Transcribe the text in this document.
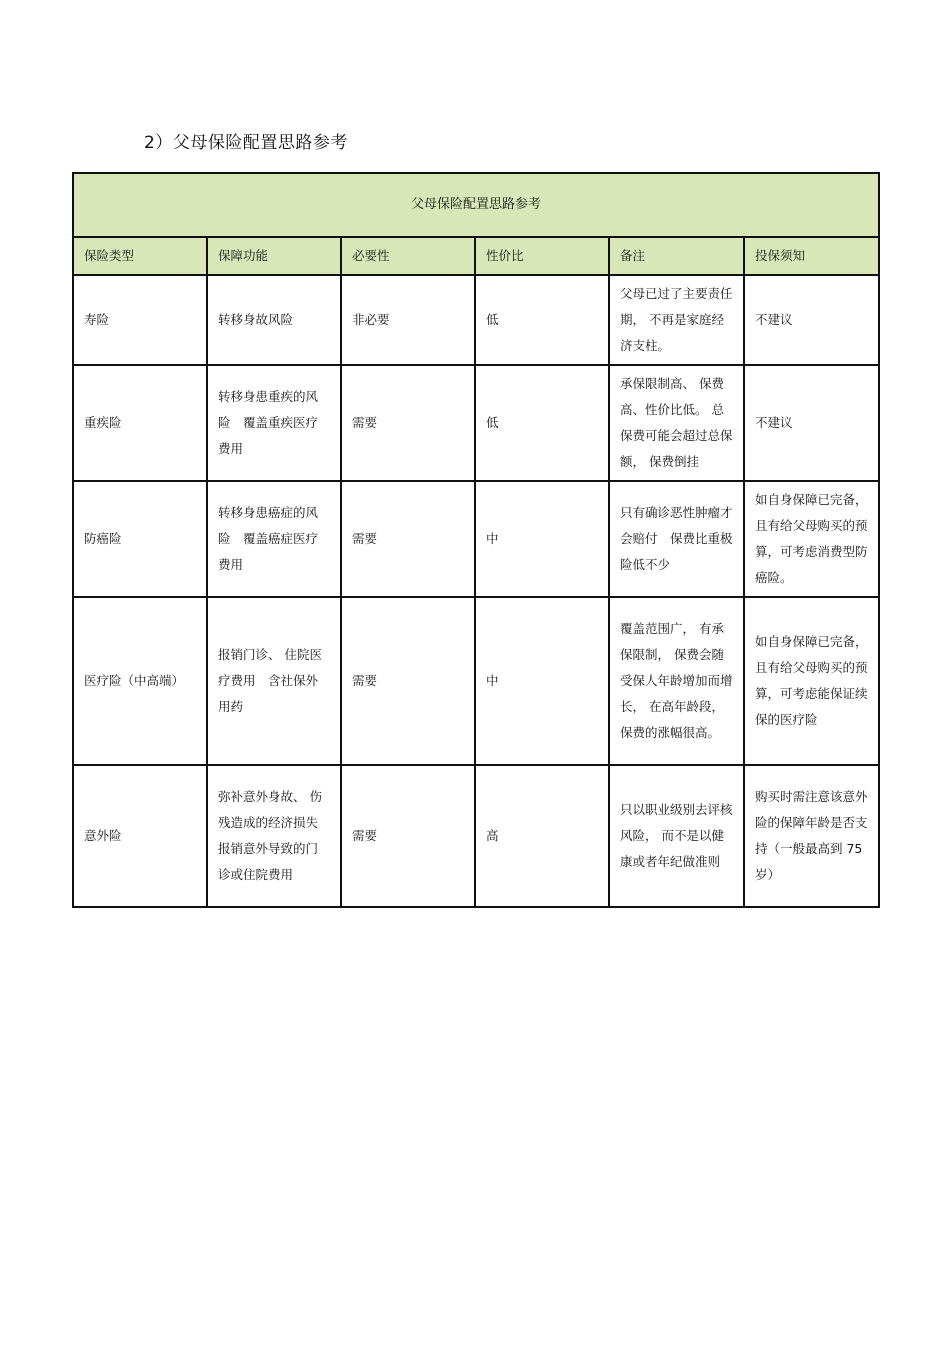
2）父母保险配置思路参考
父母保险配置思路参考					
保险类型	保障功能	必要性	性价比	备注	投保须知
寿险	转移身故风险	非必要	低	父母已过了主要责任期， 不再是家庭经济支柱。	不建议
重疾险	转移身患重疾的风险　覆盖重疾医疗费用	需要	低	承保限制高、 保费高、性价比低。 总保费可能会超过总保额， 保费倒挂	不建议
防癌险	转移身患癌症的风险　覆盖癌症医疗费用	需要	中	只有确诊恶性肿瘤才会赔付　保费比重极险低不少	如自身保障已完备，且有给父母购买的预算，可考虑消费型防癌险。
医疗险（中高端）	报销门诊、 住院医疗费用　含社保外用药	需要	中	覆盖范围广， 有承保限制， 保费会随受保人年龄增加而增长， 在高年龄段，保费的涨幅很高。	如自身保障已完备，且有给父母购买的预算，可考虑能保证续保的医疗险
意外险	弥补意外身故、 伤残造成的经济损失　报销意外导致的门诊或住院费用	需要	高	只以职业级别去评核风险， 而不是以健康或者年纪做准则	购买时需注意该意外险的保障年龄是否支持（一般最高到 75 岁）
